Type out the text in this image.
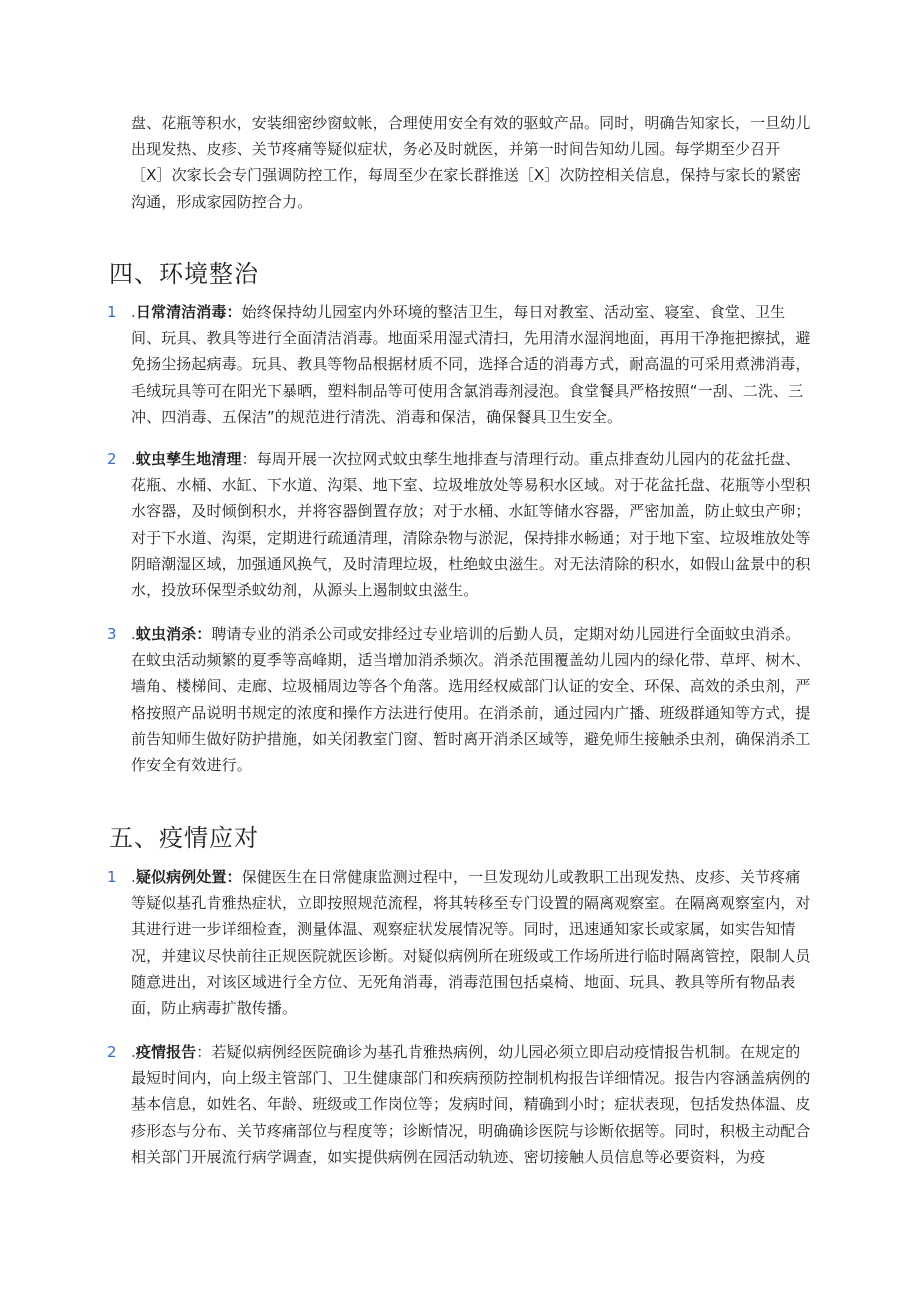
盘、花瓶等积水，安装细密纱窗蚊帐，合理使用安全有效的驱蚊产品。同时，明确告知家长，一旦幼儿出现发热、皮疹、关节疼痛等疑似症状，务必及时就医，并第一时间告知幼儿园。每学期至少召开［X］次家长会专门强调防控工作，每周至少在家长群推送［X］次防控相关信息，保持与家长的紧密沟通，形成家园防控合力。

四、环境整治
1 .日常清洁消毒：始终保持幼儿园室内外环境的整洁卫生，每日对教室、活动室、寝室、食堂、卫生间、玩具、教具等进行全面清洁消毒。地面采用湿式清扫，先用清水湿润地面，再用干净拖把擦拭，避免扬尘扬起病毒。玩具、教具等物品根据材质不同，选择合适的消毒方式，耐高温的可采用煮沸消毒，毛绒玩具等可在阳光下暴晒，塑料制品等可使用含氯消毒剂浸泡。食堂餐具严格按照“一刮、二洗、三冲、四消毒、五保洁”的规范进行清洗、消毒和保洁，确保餐具卫生安全。

2 .蚊虫孳生地清理：每周开展一次拉网式蚊虫孳生地排查与清理行动。重点排查幼儿园内的花盆托盘、花瓶、水桶、水缸、下水道、沟渠、地下室、垃圾堆放处等易积水区域。对于花盆托盘、花瓶等小型积水容器，及时倾倒积水，并将容器倒置存放；对于水桶、水缸等储水容器，严密加盖，防止蚊虫产卵；对于下水道、沟渠，定期进行疏通清理，清除杂物与淤泥，保持排水畅通；对于地下室、垃圾堆放处等阴暗潮湿区域，加强通风换气，及时清理垃圾，杜绝蚊虫滋生。对无法清除的积水，如假山盆景中的积水，投放环保型杀蚊幼剂，从源头上遏制蚊虫滋生。

3 .蚊虫消杀：聘请专业的消杀公司或安排经过专业培训的后勤人员，定期对幼儿园进行全面蚊虫消杀。在蚊虫活动频繁的夏季等高峰期，适当增加消杀频次。消杀范围覆盖幼儿园内的绿化带、草坪、树木、墙角、楼梯间、走廊、垃圾桶周边等各个角落。选用经权威部门认证的安全、环保、高效的杀虫剂，严格按照产品说明书规定的浓度和操作方法进行使用。在消杀前，通过园内广播、班级群通知等方式，提前告知师生做好防护措施，如关闭教室门窗、暂时离开消杀区域等，避免师生接触杀虫剂，确保消杀工作安全有效进行。

五、疫情应对
1 .疑似病例处置：保健医生在日常健康监测过程中，一旦发现幼儿或教职工出现发热、皮疹、关节疼痛等疑似基孔肯雅热症状，立即按照规范流程，将其转移至专门设置的隔离观察室。在隔离观察室内，对其进行进一步详细检查，测量体温、观察症状发展情况等。同时，迅速通知家长或家属，如实告知情况，并建议尽快前往正规医院就医诊断。对疑似病例所在班级或工作场所进行临时隔离管控，限制人员随意进出，对该区域进行全方位、无死角消毒，消毒范围包括桌椅、地面、玩具、教具等所有物品表面，防止病毒扩散传播。

2 .疫情报告：若疑似病例经医院确诊为基孔肯雅热病例，幼儿园必须立即启动疫情报告机制。在规定的最短时间内，向上级主管部门、卫生健康部门和疾病预防控制机构报告详细情况。报告内容涵盖病例的基本信息，如姓名、年龄、班级或工作岗位等；发病时间，精确到小时；症状表现，包括发热体温、皮疹形态与分布、关节疼痛部位与程度等；诊断情况，明确确诊医院与诊断依据等。同时，积极主动配合相关部门开展流行病学调查，如实提供病例在园活动轨迹、密切接触人员信息等必要资料，为疫
